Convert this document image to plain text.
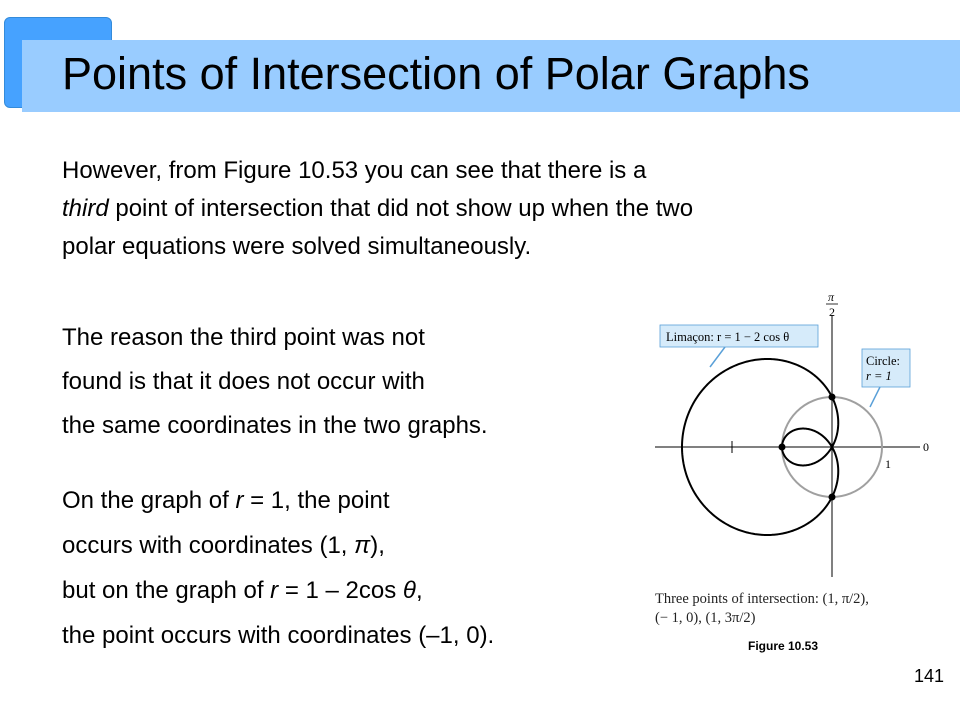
Points of Intersection of Polar Graphs

However, from Figure 10.53 you can see that there is a
third point of intersection that did not show up when the two
polar equations were solved simultaneously.

The reason the third point was not
found is that it does not occur with
the same coordinates in the two graphs.

On the graph of r = 1, the point
occurs with coordinates (1, π),
but on the graph of r = 1 – 2cos θ,
the point occurs with coordinates (–1, 0).

1
π
2
0
Limaçon: r = 1 − 2 cos θ
Circle:
r = 1
Three points of intersection: (1, π/2),
(− 1, 0), (1, 3π/2)
Figure 10.53
141
